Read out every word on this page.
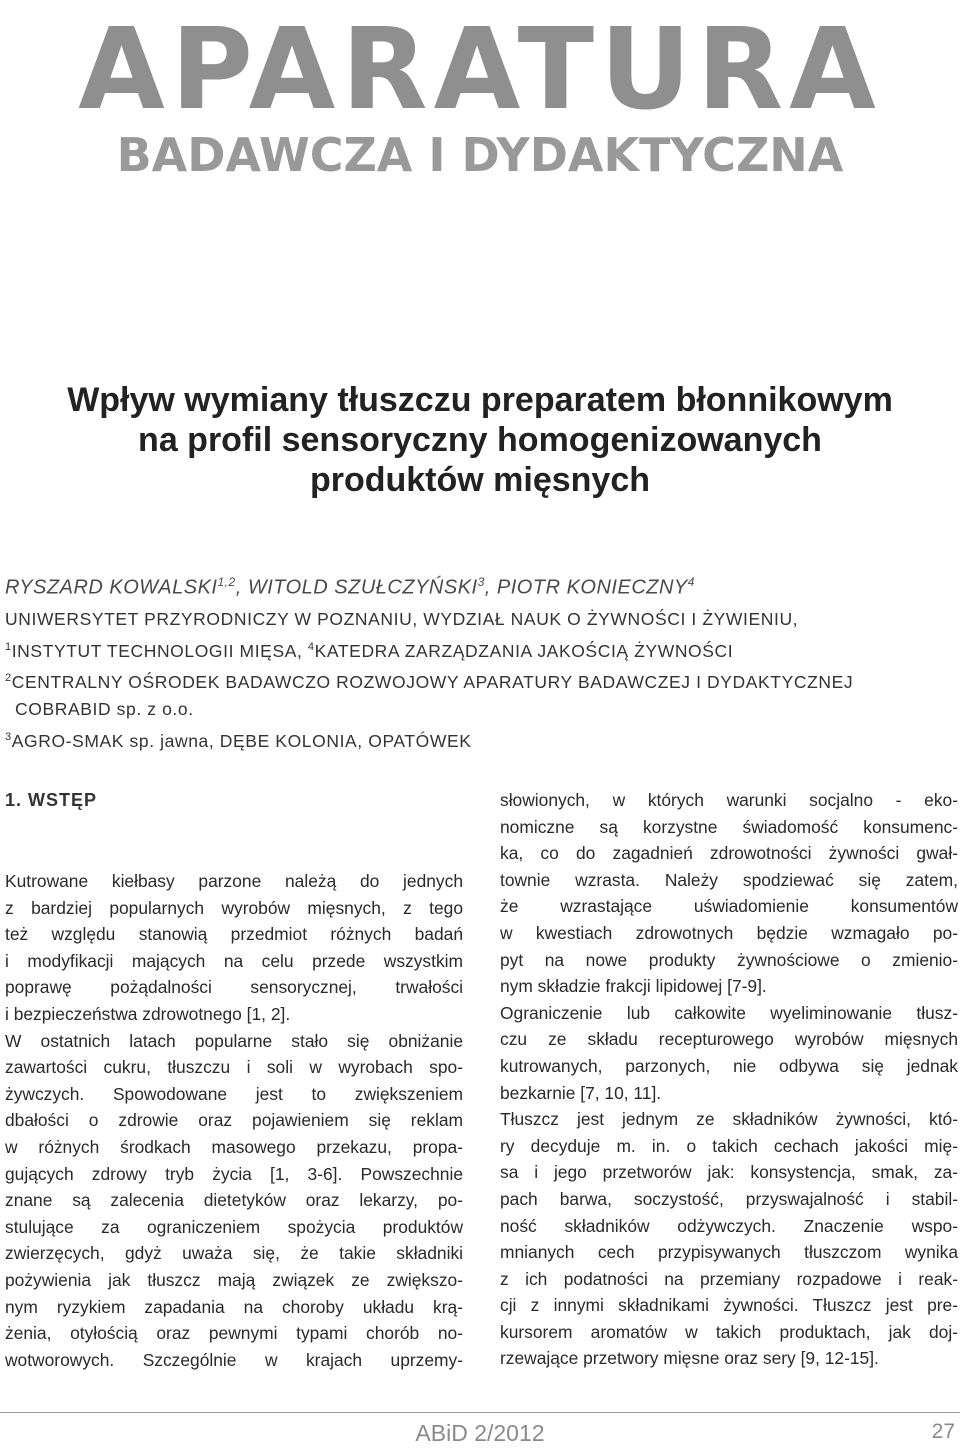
APARATURA
BADAWCZA I DYDAKTYCZNA
Wpływ wymiany tłuszczu preparatem błonnikowym
na profil sensoryczny homogenizowanych
produktów mięsnych
RYSZARD KOWALSKI$^{1,2}$, WITOLD SZUŁCZYŃSKI$^3$, PIOTR KONIECZNY$^4$
UNIWERSYTET PRZYRODNICZY W POZNANIU, WYDZIAŁ NAUK O ŻYWNOŚCI I ŻYWIENIU,
$^1$INSTYTUT TECHNOLOGII MIĘSA, $^4$KATEDRA ZARZĄDZANIA JAKOŚCIĄ ŻYWNOŚCI
$^2$CENTRALNY OŚRODEK BADAWCZO ROZWOJOWY APARATURY BADAWCZEJ I DYDAKTYCZNEJ
COBRABID sp. z o.o.
$^3$AGRO-SMAK sp. jawna, DĘBE KOLONIA, OPATÓWEK
1. WSTĘP
Kutrowane kiełbasy parzone należą do jednych
z bardziej popularnych wyrobów mięsnych, z tego
też względu stanowią przedmiot różnych badań
i modyfikacji mających na celu przede wszystkim
poprawę pożądalności sensorycznej, trwałości
i bezpieczeństwa zdrowotnego [1, 2].
W ostatnich latach popularne stało się obniżanie
zawartości cukru, tłuszczu i soli w wyrobach spo-
żywczych. Spowodowane jest to zwiększeniem
dbałości o zdrowie oraz pojawieniem się reklam
w różnych środkach masowego przekazu, propa-
gujących zdrowy tryb życia [1, 3-6]. Powszechnie
znane są zalecenia dietetyków oraz lekarzy, po-
stulujące za ograniczeniem spożycia produktów
zwierzęcych, gdyż uważa się, że takie składniki
pożywienia jak tłuszcz mają związek ze zwiększo-
nym ryzykiem zapadania na choroby układu krą-
żenia, otyłością oraz pewnymi typami chorób no-
wotworowych. Szczególnie w krajach uprzemy-
słowionych, w których warunki socjalno - eko-
nomiczne są korzystne świadomość konsumenc-
ka, co do zagadnień zdrowotności żywności gwał-
townie wzrasta. Należy spodziewać się zatem,
że wzrastające uświadomienie konsumentów
w kwestiach zdrowotnych będzie wzmagało po-
pyt na nowe produkty żywnościowe o zmienio-
nym składzie frakcji lipidowej [7-9].
Ograniczenie lub całkowite wyeliminowanie tłusz-
czu ze składu recepturowego wyrobów mięsnych
kutrowanych, parzonych, nie odbywa się jednak
bezkarnie [7, 10, 11].
Tłuszcz jest jednym ze składników żywności, któ-
ry decyduje m. in. o takich cechach jakości mię-
sa i jego przetworów jak: konsystencja, smak, za-
pach barwa, soczystość, przyswajalność i stabil-
ność składników odżywczych. Znaczenie wspo-
mnianych cech przypisywanych tłuszczom wynika
z ich podatności na przemiany rozpadowe i reak-
cji z innymi składnikami żywności. Tłuszcz jest pre-
kursorem aromatów w takich produktach, jak doj-
rzewające przetwory mięsne oraz sery [9, 12-15].
ABiD 2/2012	27
